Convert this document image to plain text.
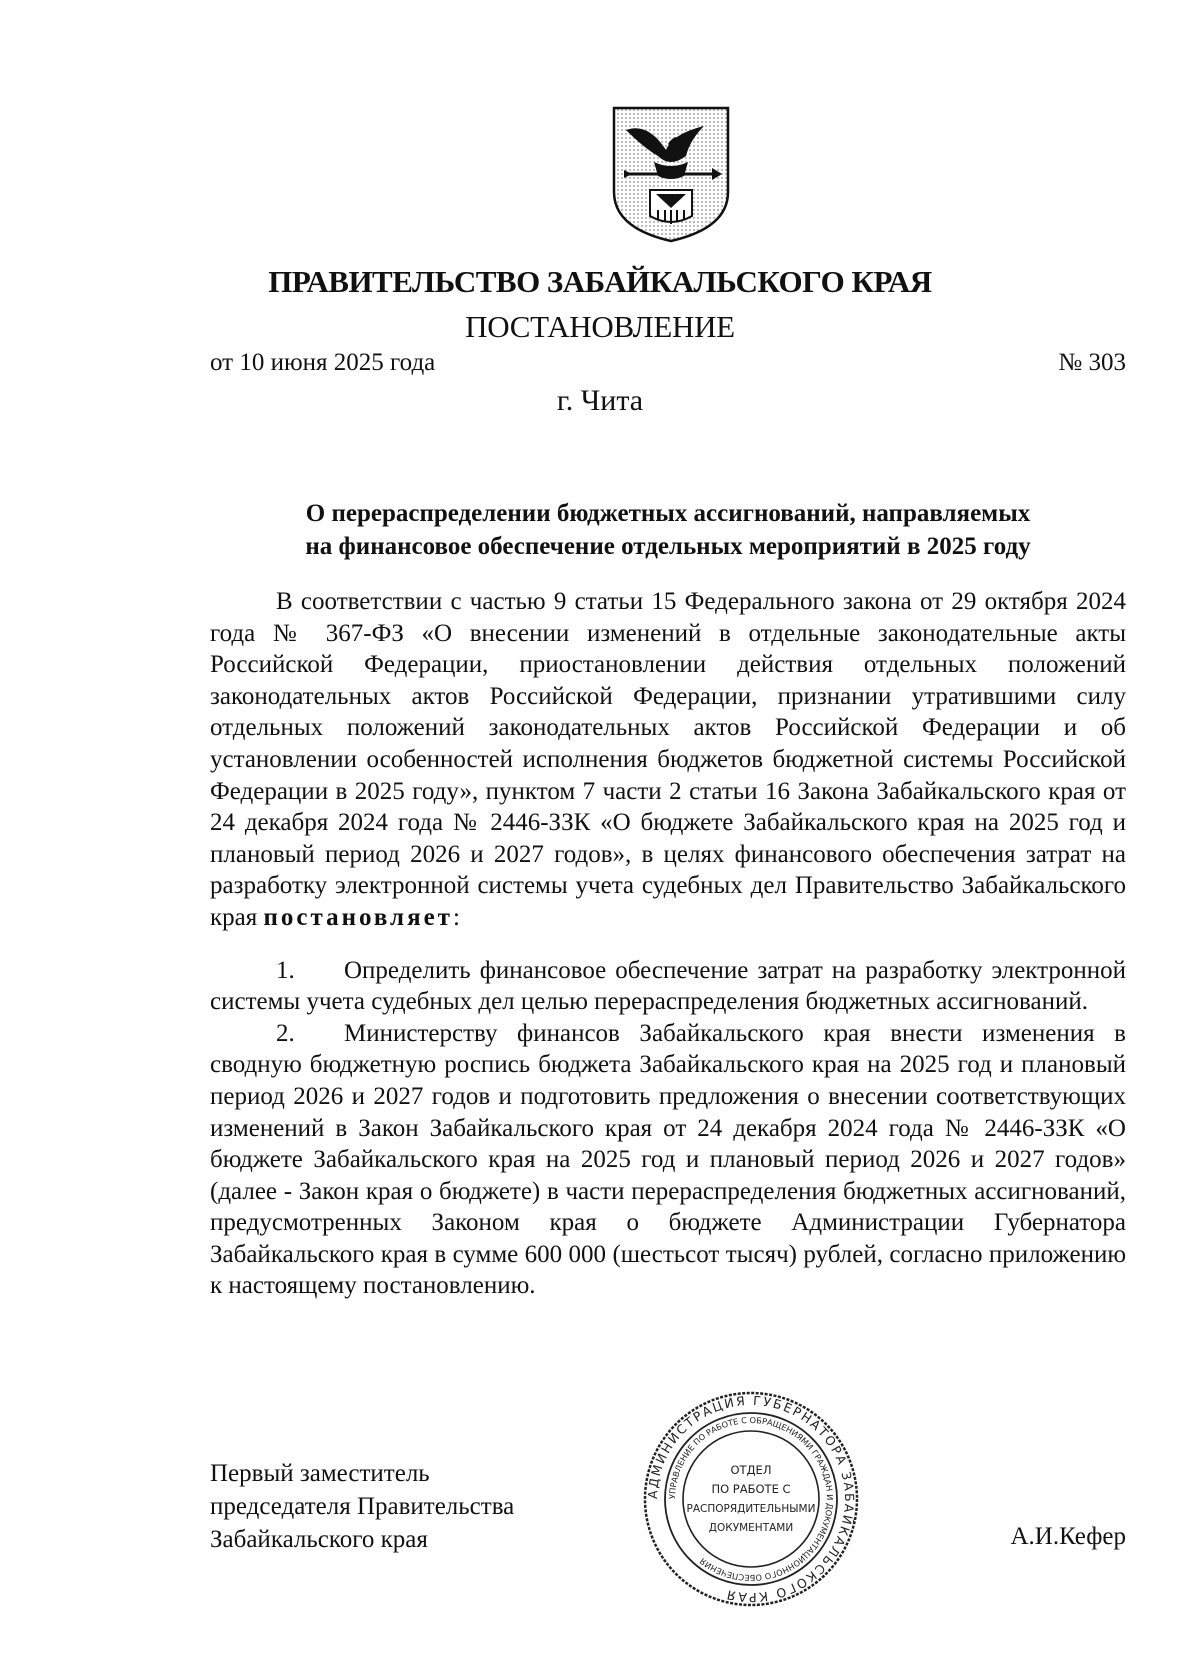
ПРАВИТЕЛЬСТВО ЗАБАЙКАЛЬСКОГО КРАЯ
ПОСТАНОВЛЕНИЕ
от 10 июня 2025 года	№ 303
г. Чита
О перераспределении бюджетных ассигнований, направляемых
на финансовое обеспечение отдельных мероприятий в 2025 году

В соответствии с частью 9 статьи 15 Федерального закона от 29 октября 2024 года № 367-ФЗ «О внесении изменений в отдельные законодательные акты Российской Федерации, приостановлении действия отдельных положений законодательных актов Российской Федерации, признании утратившими силу отдельных положений законодательных актов Российской Федерации и об установлении особенностей исполнения бюджетов бюджетной системы Российской Федерации в 2025 году», пунктом 7 части 2 статьи 16 Закона Забайкальского края от 24 декабря 2024 года № 2446-ЗЗК «О бюджете Забайкальского края на 2025 год и плановый период 2026 и 2027 годов», в целях финансового обеспечения затрат на разработку электронной системы учета судебных дел Правительство Забайкальского края постановляет:

1. Определить финансовое обеспечение затрат на разработку электронной системы учета судебных дел целью перераспределения бюджетных ассигнований.

2. Министерству финансов Забайкальского края внести изменения в сводную бюджетную роспись бюджета Забайкальского края на 2025 год и плановый период 2026 и 2027 годов и подготовить предложения о внесении соответствующих изменений в Закон Забайкальского края от 24 декабря 2024 года № 2446-ЗЗК «О бюджете Забайкальского края на 2025 год и плановый период 2026 и 2027 годов» (далее - Закон края о бюджете) в части перераспределения бюджетных ассигнований, предусмотренных Законом края о бюджете Администрации Губернатора Забайкальского края в сумме 600 000 (шестьсот тысяч) рублей, согласно приложению к настоящему постановлению.

Первый заместитель
председателя Правительства
Забайкальского края	А.И.Кефер
АДМИНИСТРАЦИЯ ГУБЕРНАТОРА ЗАБАЙКАЛЬСКОГО КРАЯ
УПРАВЛЕНИЕ ПО РАБОТЕ С ОБРАЩЕНИЯМИ ГРАЖДАН И ДОКУМЕНТАЦИОННОГО ОБЕСПЕЧЕНИЯ
ОТДЕЛ
ПО РАБОТЕ С
РАСПОРЯДИТЕЛЬНЫМИ
ДОКУМЕНТАМИ
